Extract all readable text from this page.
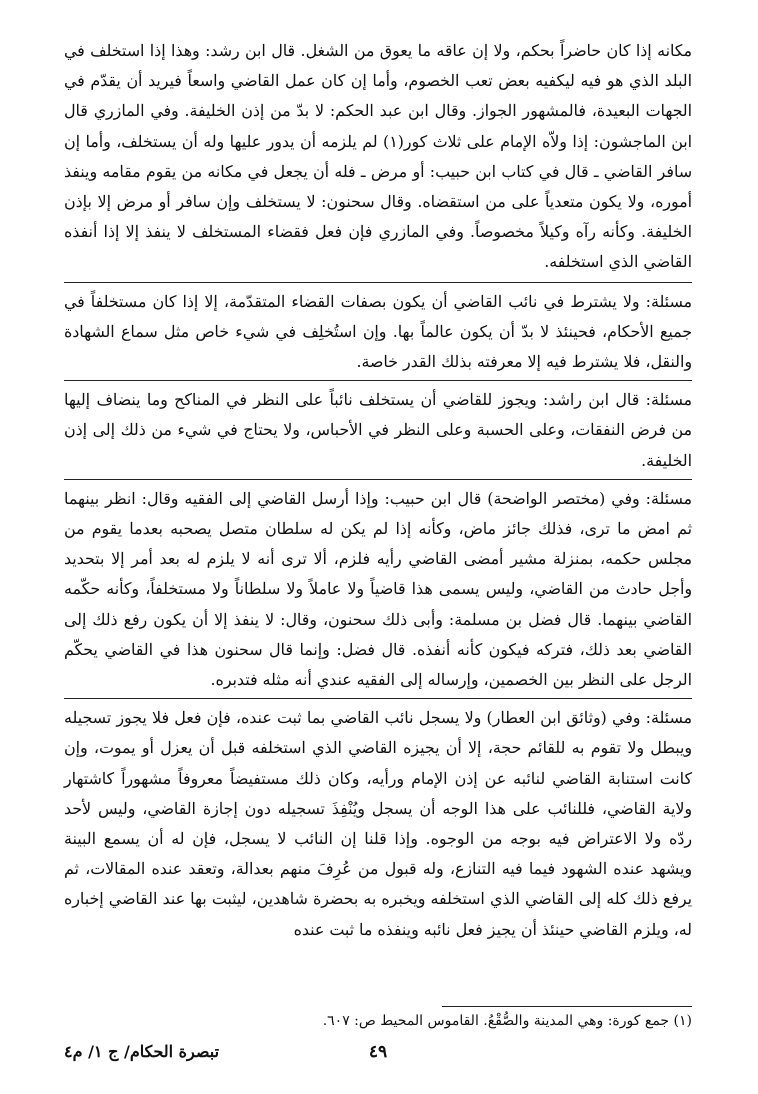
مكانه إذا كان حاضراً بحكم، ولا إن عاقه ما يعوق من الشغل. قال ابن رشد: وهذا إذا استخلف في البلد الذي هو فيه ليكفيه بعض تعب الخصوم، وأما إن كان عمل القاضي واسعاً فيريد أن يقدّم في الجهات البعيدة، فالمشهور الجواز. وقال ابن عبد الحكم: لا بدّ من إذن الخليفة. وفي المازري قال ابن الماجشون: إذا ولاّه الإمام على ثلاث كور(١) لم يلزمه أن يدور عليها وله أن يستخلف، وأما إن سافر القاضي ـ قال في كتاب ابن حبيب: أو مرض ـ فله أن يجعل في مكانه من يقوم مقامه وينفذ أموره، ولا يكون متعدياً على من استقضاه. وقال سحنون: لا يستخلف وإن سافر أو مرض إلا بإذن الخليفة. وكأنه رآه وكيلاً مخصوصاً. وفي المازري فإن فعل فقضاء المستخلف لا ينفذ إلا إذا أنفذه القاضي الذي استخلفه.

مسئلة: ولا يشترط في نائب القاضي أن يكون بصفات القضاء المتقدّمة، إلا إذا كان مستخلفاً في جميع الأحكام، فحينئذ لا بدّ أن يكون عالماً بها. وإن استُخلِف في شيء خاص مثل سماع الشهادة والنقل، فلا يشترط فيه إلا معرفته بذلك القدر خاصة.

مسئلة: قال ابن راشد: ويجوز للقاضي أن يستخلف نائباً على النظر في المناكح وما ينضاف إليها من فرض النفقات، وعلى الحسبة وعلى النظر في الأحباس، ولا يحتاج في شيء من ذلك إلى إذن الخليفة.

مسئلة: وفي (مختصر الواضحة) قال ابن حبيب: وإذا أرسل القاضي إلى الفقيه وقال: انظر بينهما ثم امض ما ترى، فذلك جائز ماض، وكأنه إذا لم يكن له سلطان متصل يصحبه بعدما يقوم من مجلس حكمه، بمنزلة مشير أمضى القاضي رأيه فلزم، ألا ترى أنه لا يلزم له بعد أمر إلا بتحديد وأجل حادث من القاضي، وليس يسمى هذا قاضياً ولا عاملاً ولا سلطاناً ولا مستخلفاً، وكأنه حكّمه القاضي بينهما. قال فضل بن مسلمة: وأبى ذلك سحنون، وقال: لا ينفذ إلا أن يكون رفع ذلك إلى القاضي بعد ذلك، فتركه فيكون كأنه أنفذه. قال فضل: وإنما قال سحنون هذا في القاضي يحكّم الرجل على النظر بين الخصمين، وإرساله إلى الفقيه عندي أنه مثله فتدبره.

مسئلة: وفي (وثائق ابن العطار) ولا يسجل نائب القاضي بما ثبت عنده، فإن فعل فلا يجوز تسجيله ويبطل ولا تقوم به للقائم حجة، إلا أن يجيزه القاضي الذي استخلفه قبل أن يعزل أو يموت، وإن كانت استنابة القاضي لنائبه عن إذن الإمام ورأيه، وكان ذلك مستفيضاً معروفاً مشهوراً كاشتهار ولاية القاضي، فللنائب على هذا الوجه أن يسجل ويُنْفِذَ تسجيله دون إجازة القاضي، وليس لأحد ردّه ولا الاعتراض فيه بوجه من الوجوه. وإذا قلنا إن النائب لا يسجل، فإن له أن يسمع البينة ويشهد عنده الشهود فيما فيه التنازع، وله قبول من عُرِفَ منهم بعدالة، وتعقد عنده المقالات، ثم يرفع ذلك كله إلى القاضي الذي استخلفه ويخبره به بحضرة شاهدين، ليثبت بها عند القاضي إخباره له، ويلزم القاضي حينئذ أن يجيز فعل نائبه وينفذه ما ثبت عنده

(١) جمع كورة: وهي المدينة والصُّقْعُ. القاموس المحيط ص: ٦٠٧.
٤٩
تبصرة الحكام/ ج ١/ م٤
